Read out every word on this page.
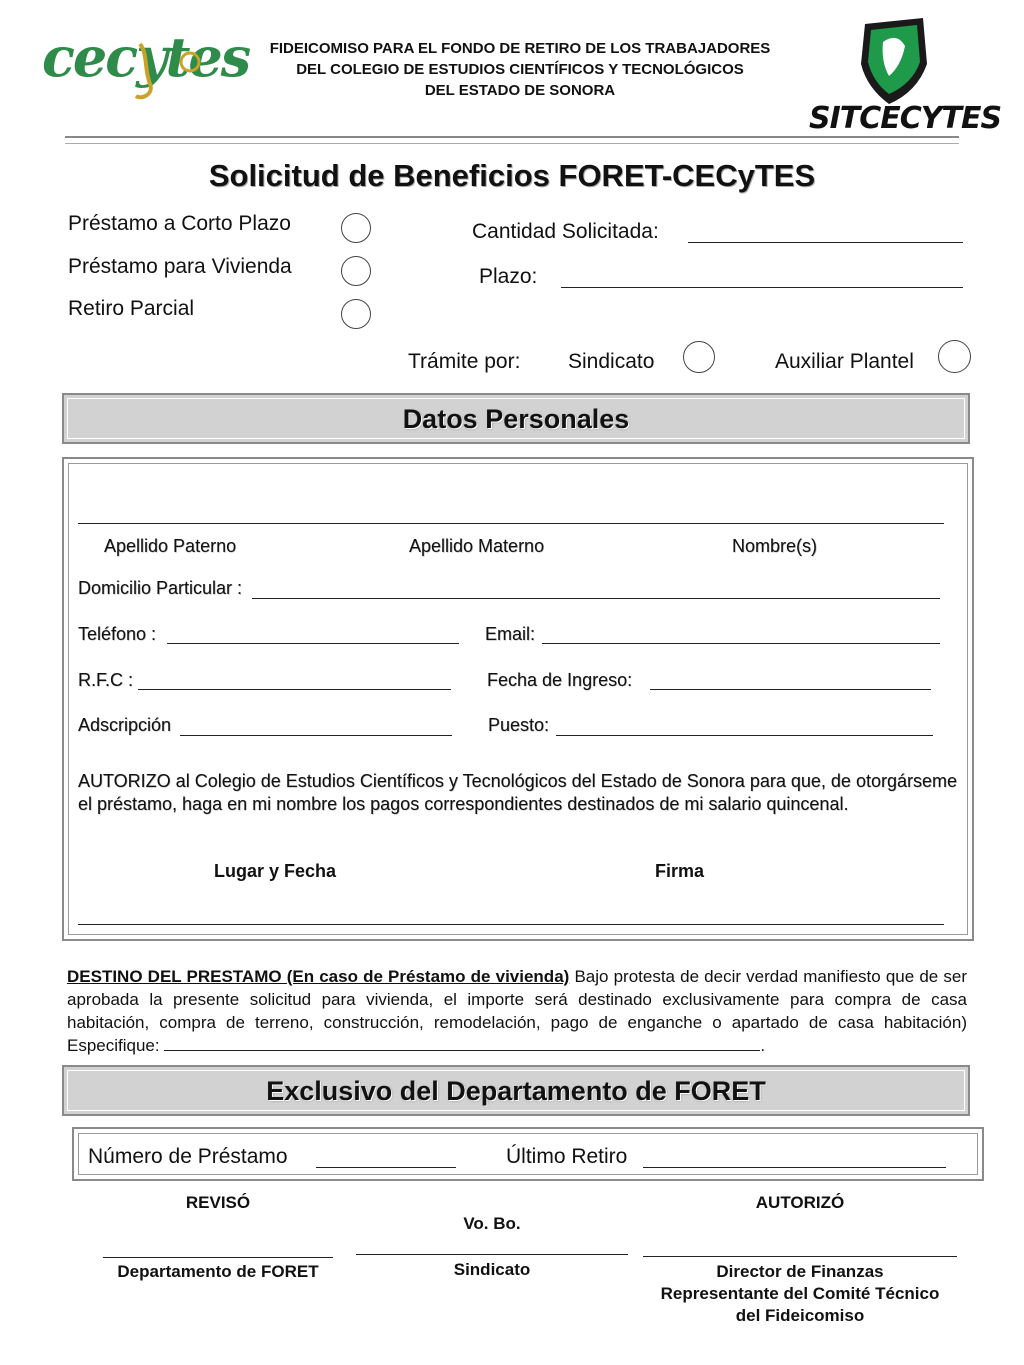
cecytes	FIDEICOMISO PARA EL FONDO DE RETIRO DE LOS TRABAJADORES
DEL COLEGIO DE ESTUDIOS CIENTÍFICOS Y TECNOLÓGICOS
DEL ESTADO DE SONORA
SITCECYTES
Solicitud de Beneficios FORET-CECyTES
Préstamo a Corto Plazo
Préstamo para Vivienda
Retiro Parcial
Cantidad Solicitada:
Plazo:
Trámite por: Sindicato	Auxiliar Plantel
Datos Personales
Apellido Paterno	Apellido Materno	Nombre(s)
Domicilio Particular :
Teléfono :	Email:
R.F.C :	Fecha de Ingreso:
Adscripción	Puesto:
AUTORIZO al Colegio de Estudios Científicos y Tecnológicos del Estado de Sonora para que, de otorgárseme el préstamo, haga en mi nombre los pagos correspondientes destinados de mi salario quincenal.
Lugar y Fecha	Firma
DESTINO DEL PRESTAMO (En caso de Préstamo de vivienda) Bajo protesta de decir verdad manifiesto que de ser aprobada la presente solicitud para vivienda, el importe será destinado exclusivamente para compra de casa habitación, compra de terreno, construcción, remodelación, pago de enganche o apartado de casa habitación) Especifique:	.
Exclusivo del Departamento de FORET
Número de Préstamo	Último Retiro
REVISÓ
Departamento de FORET
Vo. Bo.
Sindicato
AUTORIZÓ
Director de Finanzas
Representante del Comité Técnico
del Fideicomiso
